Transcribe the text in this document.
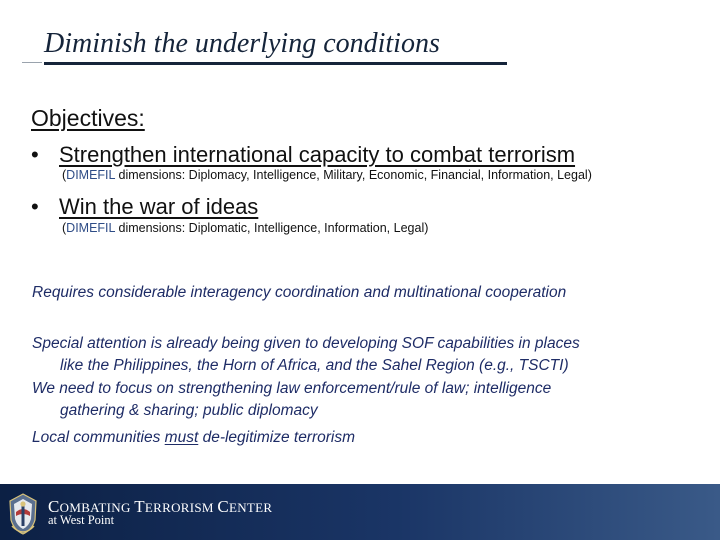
Diminish the underlying conditions
Objectives:
• Strengthen international capacity to combat terrorism
(DIMEFIL dimensions: Diplomacy, Intelligence, Military, Economic, Financial, Information, Legal)
• Win the war of ideas
(DIMEFIL dimensions: Diplomatic, Intelligence, Information, Legal)
Requires considerable interagency coordination and multinational cooperation
Special attention is already being given to developing SOF capabilities in places
like the Philippines, the Horn of Africa, and the Sahel Region (e.g., TSCTI)
We need to focus on strengthening law enforcement/rule of law; intelligence
gathering & sharing; public diplomacy
Local communities must de-legitimize terrorism
COMBATING TERRORISM CENTER
at West Point
